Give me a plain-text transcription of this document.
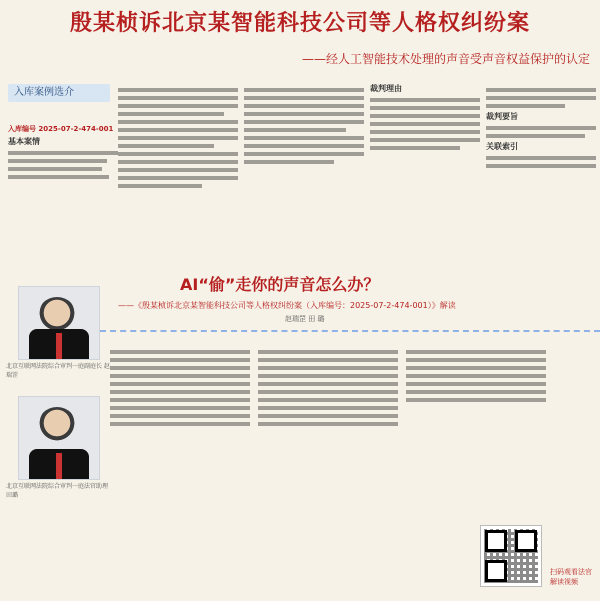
殷某桢诉北京某智能科技公司等人格权纠纷案
——经人工智能技术处理的声音受声音权益保护的认定
入库案例选介
入库编号 2025-07-2-474-001
基本案情
北京互联网法院综合审判一庭副庭长 赵瑞罡
北京互联网法院综合审判一庭法官助理 田璐
裁判理由
裁判要旨
关联索引
AI“偷”走你的声音怎么办？
——《殷某桢诉北京某智能科技公司等人格权纠纷案（入库编号：2025-07-2-474-001）》解读
赵瑞罡 田 璐
扫码观看法官解读视频
